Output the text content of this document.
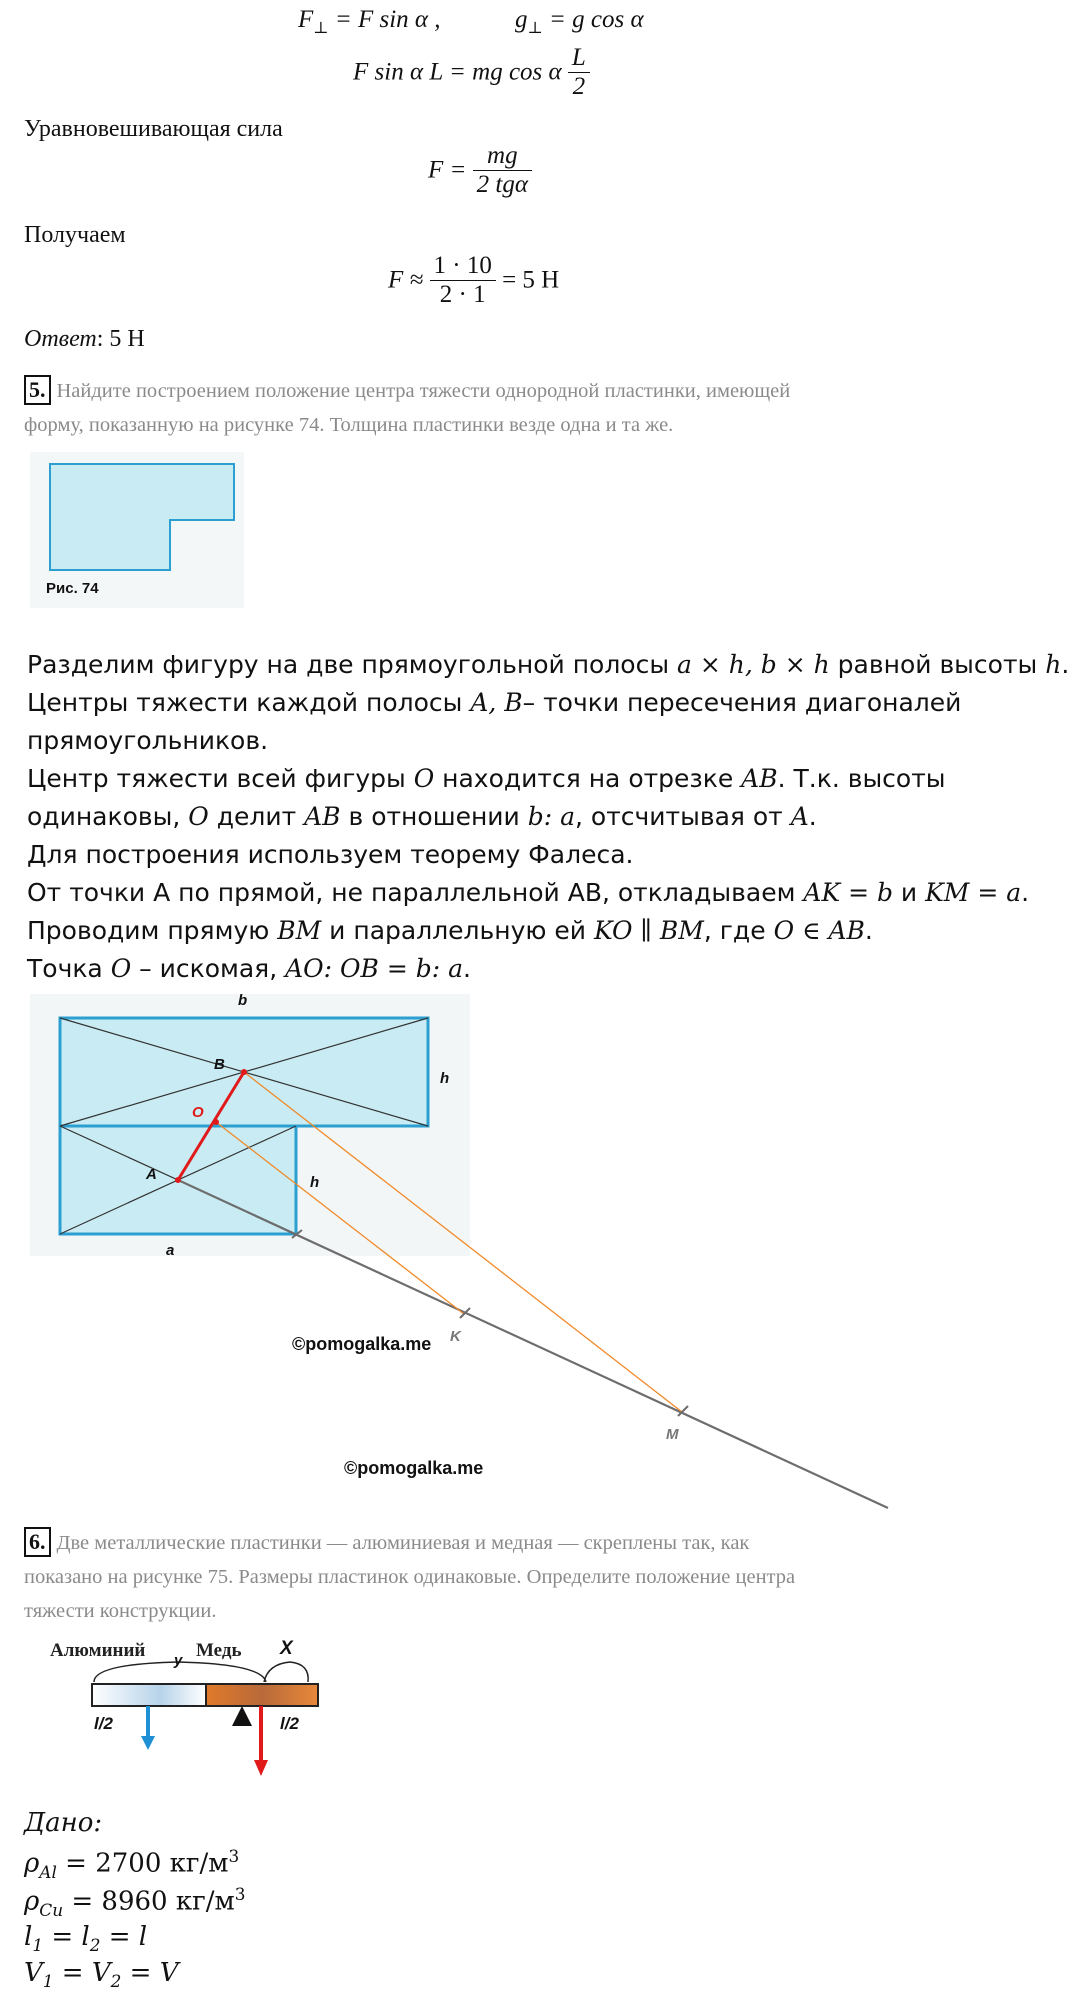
$F_\perp = F$ sin α ,	$g_\perp = g$ cos α
F sin α L = mg cos α $\frac{L}{2}$
Уравновешивающая сила
$F = \frac{mg}{\text{2 tgα}}$
Получаем
$F \approx \frac{1 \cdot 10}{2 \cdot 1} = 5$ Н
Ответ: 5 Н
5. Найдите построением положение центра тяжести однородной пластинки, имеющей
форму, показанную на рисунке 74. Толщина пластинки везде одна и та же.
Рис. 74
Разделим фигуру на две прямоугольной полосы a × h, b × h равной высоты h.
Центры тяжести каждой полосы A, B– точки пересечения диагоналей
прямоугольников.
Центр тяжести всей фигуры O находится на отрезке AB. Т.к. высоты
одинаковы, O делит AB в отношении b: a, отсчитывая от A.
Для построения используем теорему Фалеса.
От точки А по прямой, не параллельной АВ, откладываем AK = b и KM = a.
Проводим прямую BM и параллельную ей KO ∥ BM, где O ∈ AB.
Точка O – искомая, AO: OB = b: a.
b
h
B
O
A	h
a
K
M
©pomogalka.me
©pomogalka.me
6. Две металлические пластинки — алюминиевая и медная — скреплены так, как
показано на рисунке 75. Размеры пластинок одинаковые. Определите положение центра
тяжести конструкции.
Алюминий	Медь X
y
l/2	l/2
Дано:
$\rho_{Al} = 2700$ $кг/м^3$
$\rho_{Cu} = 8960$ $кг/м^3$
$l_1 = l_2 = l$
$V_1 = V_2 = V$
